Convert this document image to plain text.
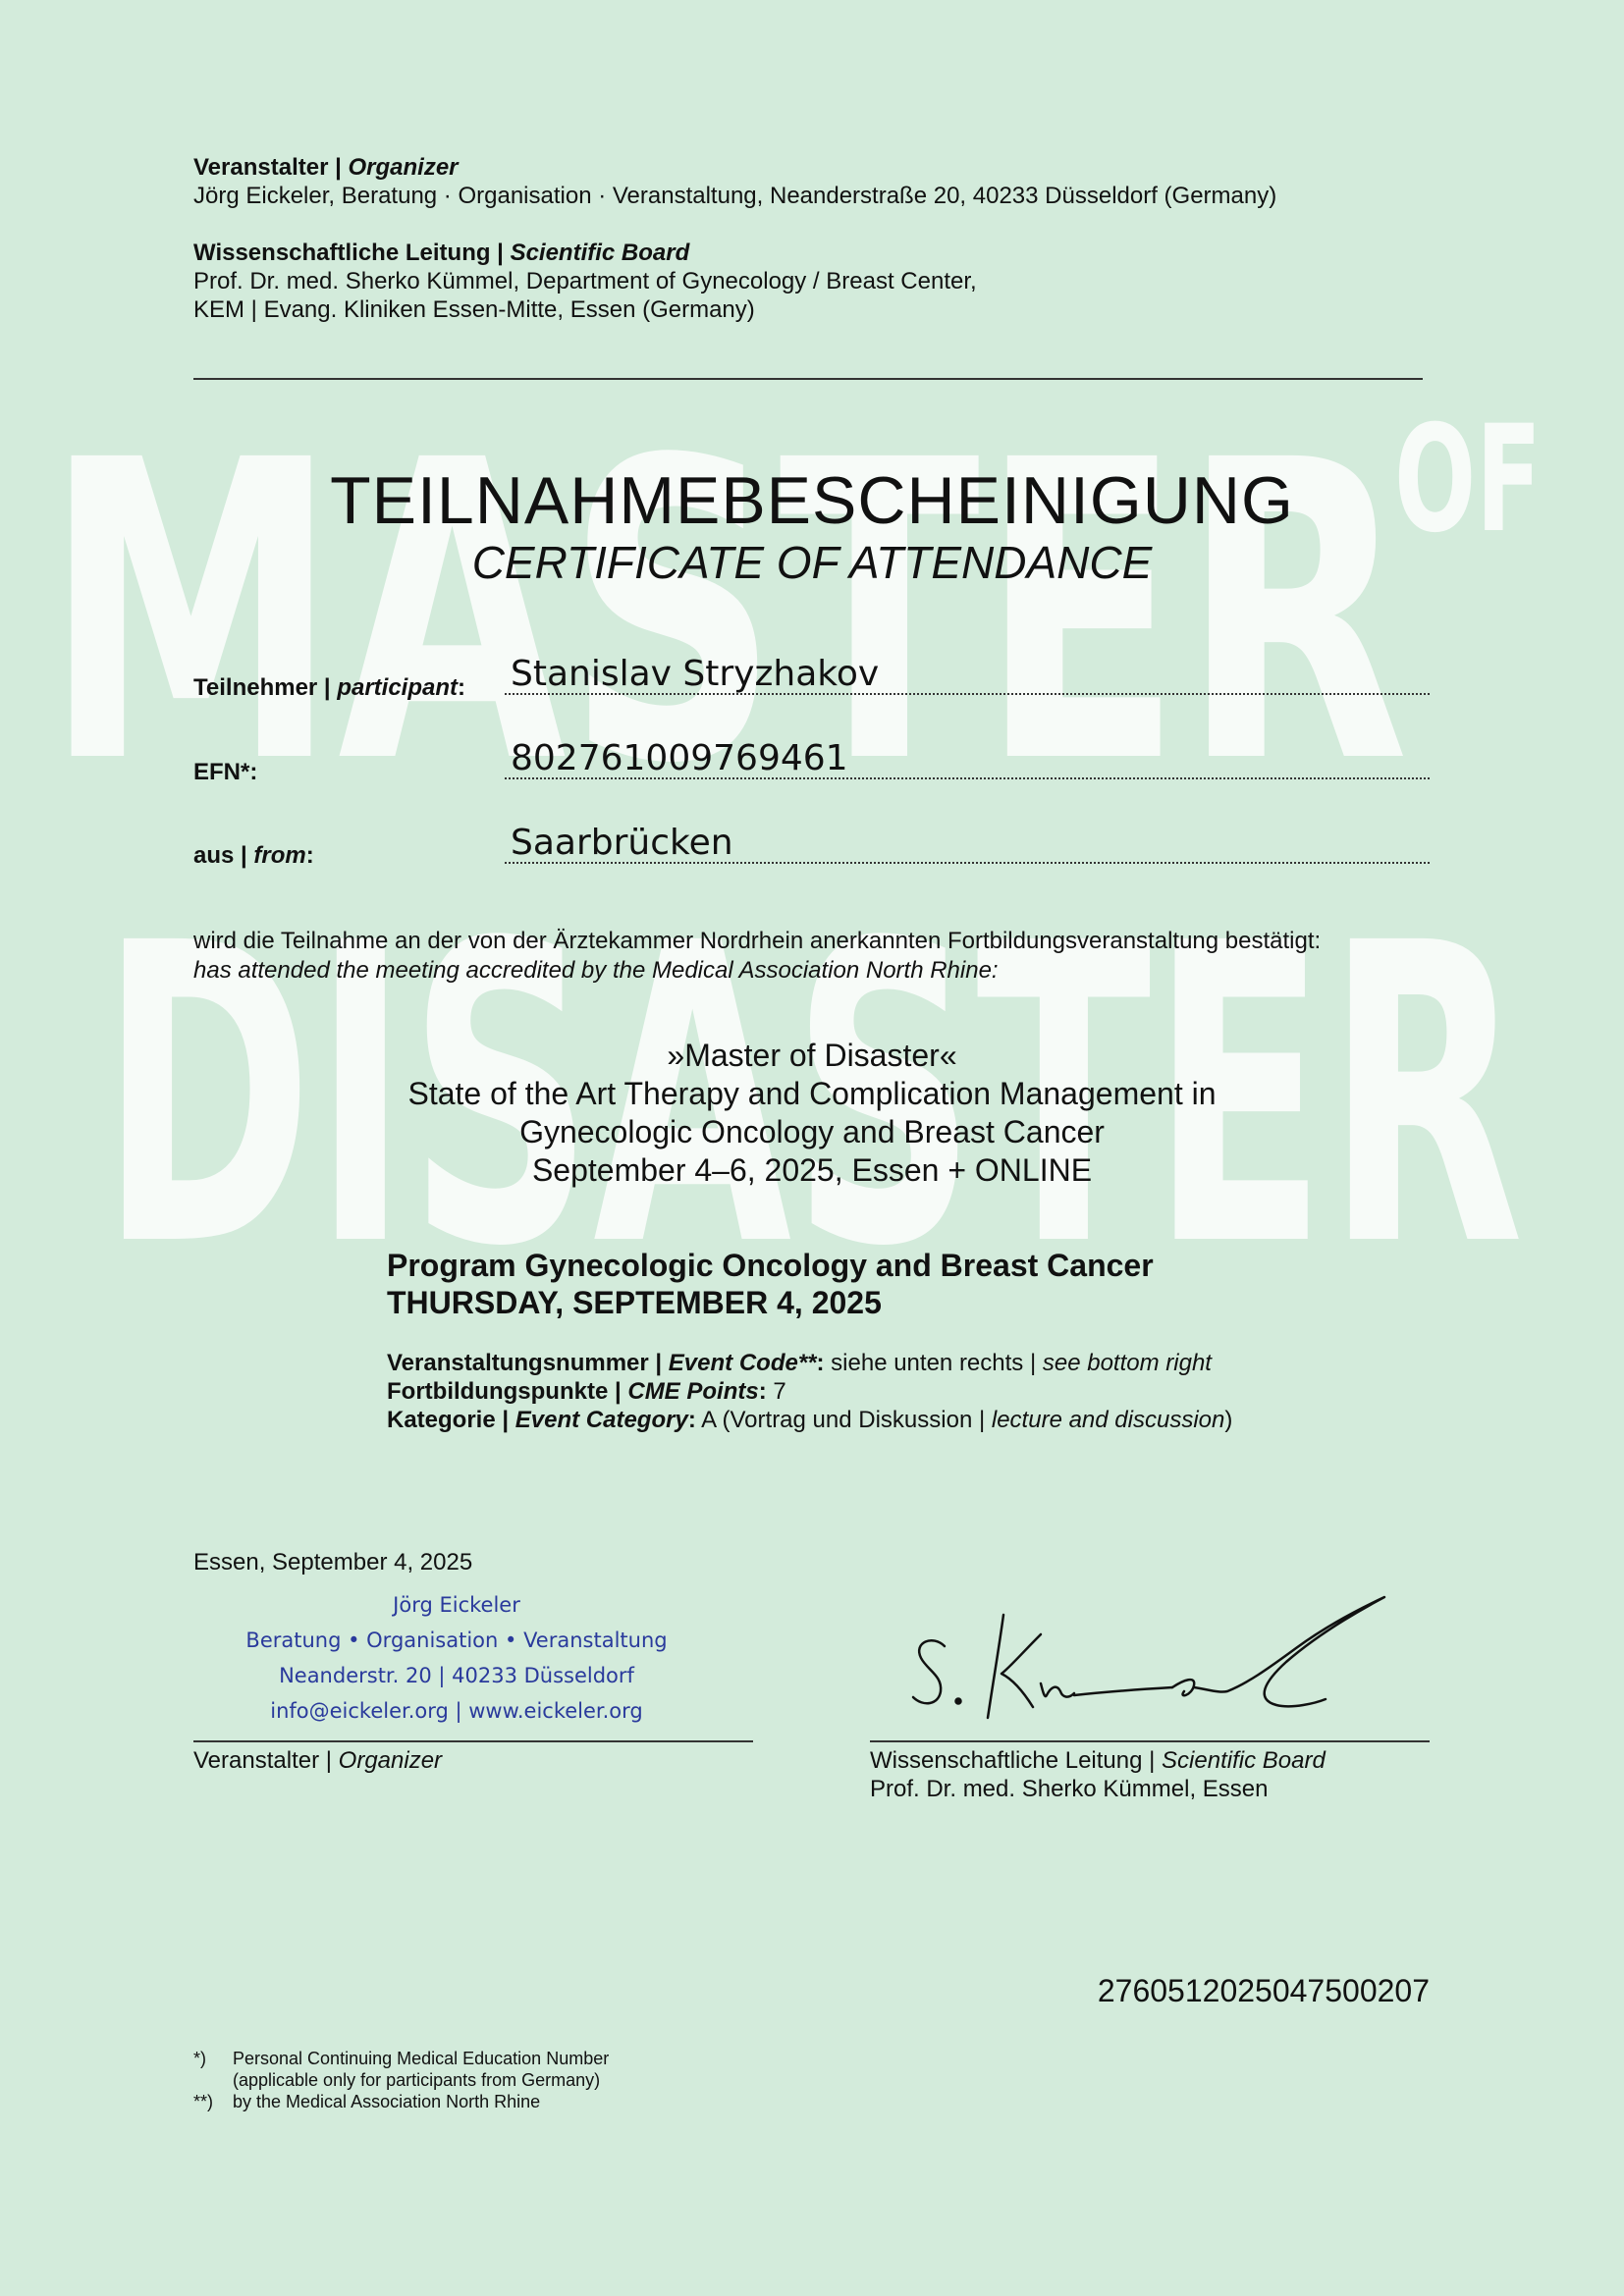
MASTER
OF
DISASTER
Veranstalter | Organizer
Jörg Eickeler, Beratung · Organisation · Veranstaltung, Neanderstraße 20, 40233 Düsseldorf (Germany)
Wissenschaftliche Leitung | Scientific Board
Prof. Dr. med. Sherko Kümmel, Department of Gynecology / Breast Center,
KEM | Evang. Kliniken Essen-Mitte, Essen (Germany)
TEILNAHMEBESCHEINIGUNG
CERTIFICATE OF ATTENDANCE
Teilnehmer | participant: Stanislav Stryzhakov
EFN*:	802761009769461
aus | from:	Saarbrücken
wird die Teilnahme an der von der Ärztekammer Nordrhein anerkannten Fortbildungsveranstaltung bestätigt:
has attended the meeting accredited by the Medical Association North Rhine:
»Master of Disaster«
State of the Art Therapy and Complication Management in
Gynecologic Oncology and Breast Cancer
September 4–6, 2025, Essen + ONLINE
Program Gynecologic Oncology and Breast Cancer
THURSDAY, SEPTEMBER 4, 2025
Veranstaltungsnummer | Event Code**: siehe unten rechts | see bottom right
Fortbildungspunkte | CME Points: 7
Kategorie | Event Category: A (Vortrag und Diskussion | lecture and discussion)
Essen, September 4, 2025
Jörg Eickeler
Beratung • Organisation • Veranstaltung
Neanderstr. 20 | 40233 Düsseldorf
info@eickeler.org | www.eickeler.org
Veranstalter | Organizer	Wissenschaftliche Leitung | Scientific Board
Prof. Dr. med. Sherko Kümmel, Essen
2760512025047500207
*) Personal Continuing Medical Education Number
(applicable only for participants from Germany)
**) by the Medical Association North Rhine
